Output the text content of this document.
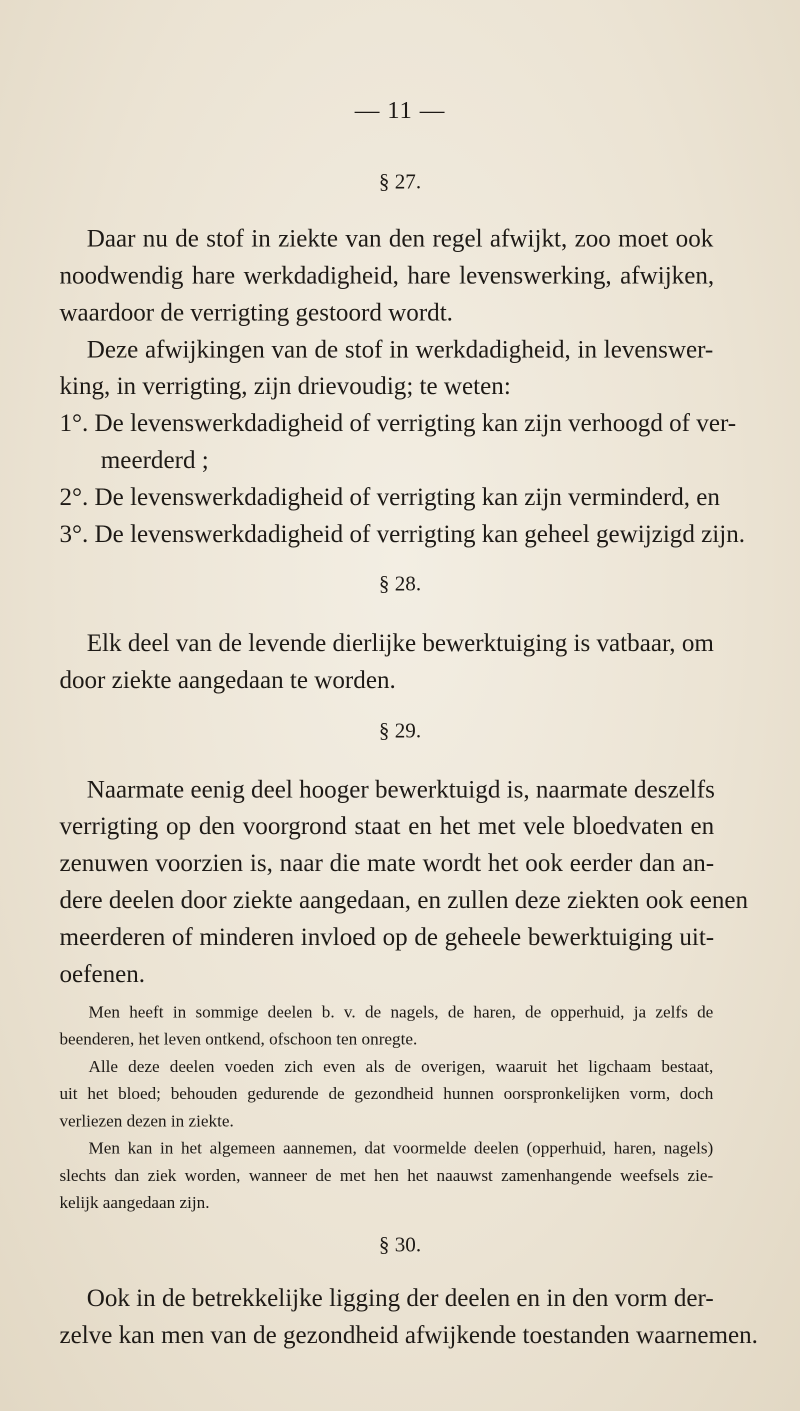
— 11 —
§ 27.
Daar nu de stof in ziekte van den regel afwijkt, zoo moet ook
noodwendig hare werkdadigheid, hare levenswerking, afwijken,
waardoor de verrigting gestoord wordt.
Deze afwijkingen van de stof in werkdadigheid, in levenswer-
king, in verrigting, zijn drievoudig; te weten:
1°. De levenswerkdadigheid of verrigting kan zijn verhoogd of ver-
meerderd ;
2°. De levenswerkdadigheid of verrigting kan zijn verminderd, en
3°. De levenswerkdadigheid of verrigting kan geheel gewijzigd zijn.
§ 28.
Elk deel van de levende dierlijke bewerktuiging is vatbaar, om
door ziekte aangedaan te worden.
§ 29.
Naarmate eenig deel hooger bewerktuigd is, naarmate deszelfs
verrigting op den voorgrond staat en het met vele bloedvaten en
zenuwen voorzien is, naar die mate wordt het ook eerder dan an-
dere deelen door ziekte aangedaan, en zullen deze ziekten ook eenen
meerderen of minderen invloed op de geheele bewerktuiging uit-
oefenen.
Men heeft in sommige deelen b. v. de nagels, de haren, de opperhuid, ja zelfs de
beenderen, het leven ontkend, ofschoon ten onregte.
Alle deze deelen voeden zich even als de overigen, waaruit het ligchaam bestaat,
uit het bloed; behouden gedurende de gezondheid hunnen oorspronkelijken vorm, doch
verliezen dezen in ziekte.
Men kan in het algemeen aannemen, dat voormelde deelen (opperhuid, haren, nagels)
slechts dan ziek worden, wanneer de met hen het naauwst zamenhangende weefsels zie-
kelijk aangedaan zijn.
§ 30.
Ook in de betrekkelijke ligging der deelen en in den vorm der-
zelve kan men van de gezondheid afwijkende toestanden waarnemen.
